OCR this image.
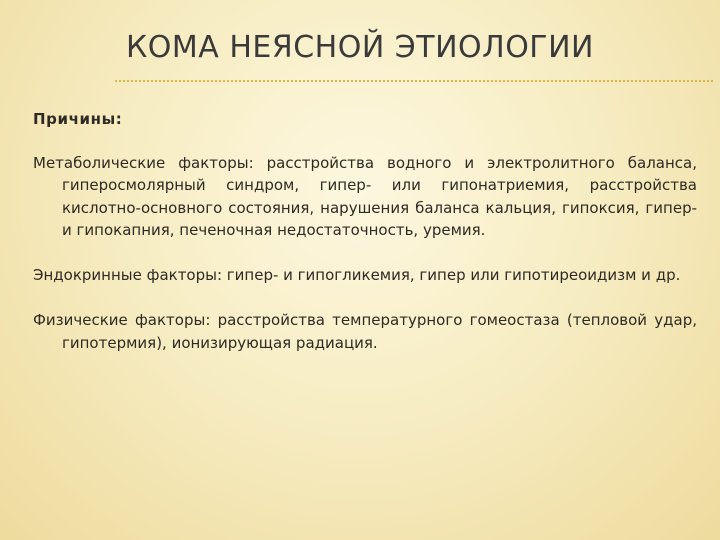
КОМА НЕЯСНОЙ ЭТИОЛОГИИ

Причины:

Метаболические факторы: расстройства водного и электролитного баланса, гиперосмолярный синдром, гипер- или гипонатриемия, расстройства кислотно-основного состояния, нарушения баланса кальция, гипоксия, гипер- и гипокапния, печеночная недостаточность, уремия.

Эндокринные факторы: гипер- и гипогликемия, гипер или гипотиреоидизм и др.

Физические факторы: расстройства температурного гомеостаза (тепловой удар, гипотермия), ионизирующая радиация.
